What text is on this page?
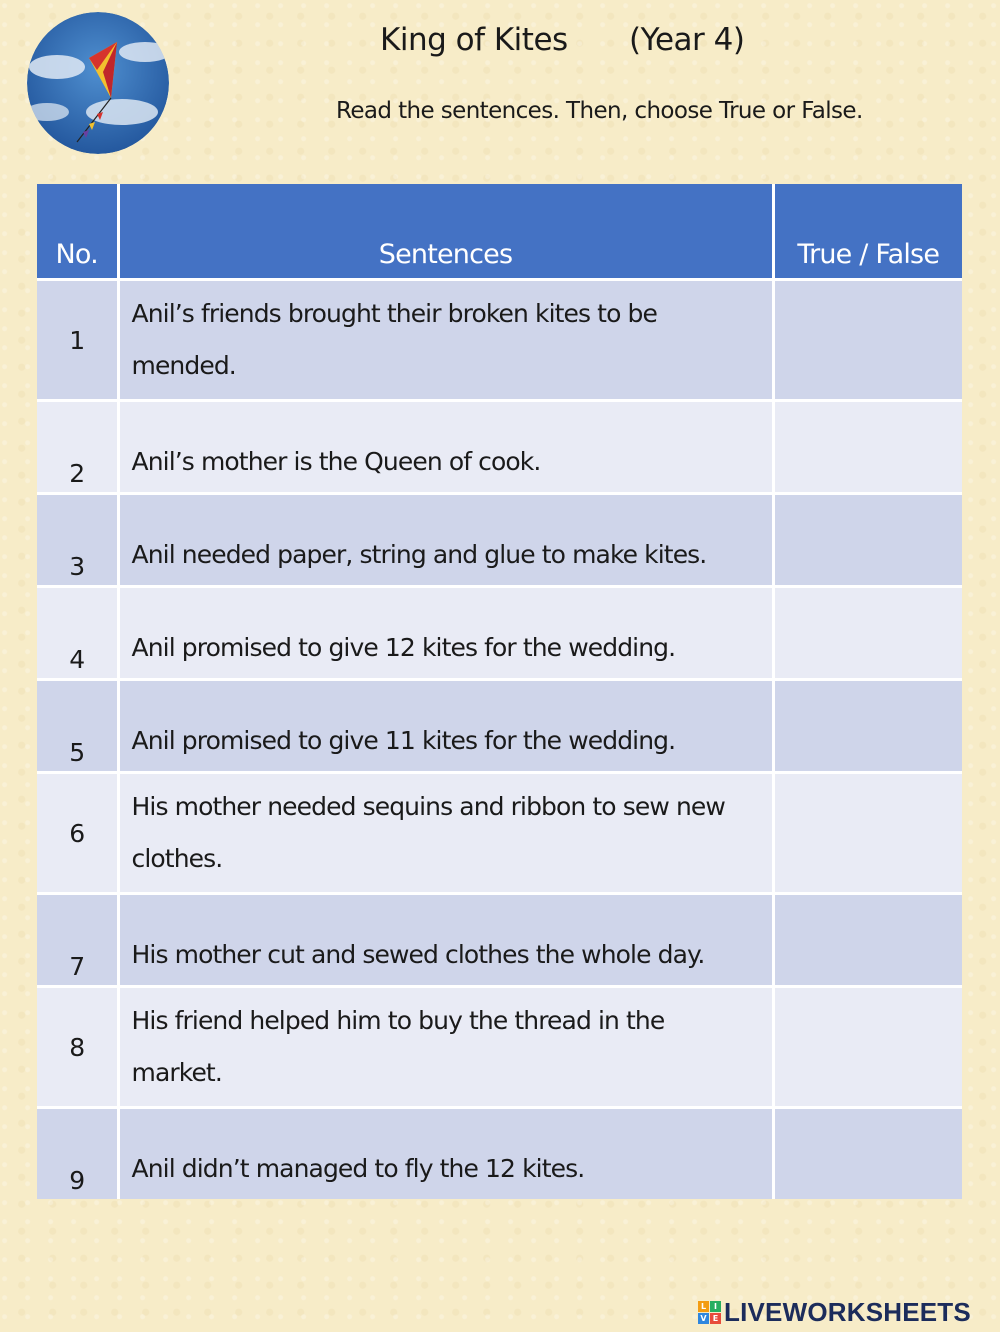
King of Kites (Year 4)
Read the sentences. Then, choose True or False.
No.	Sentences	True / False
1	Anil’s friends brought their broken kites to be mended.	
2	Anil’s mother is the Queen of cook.	
3	Anil needed paper, string and glue to make kites.	
4	Anil promised to give 12 kites for the wedding.	
5	Anil promised to give 11 kites for the wedding.	
6	His mother needed sequins and ribbon to sew new clothes.	
7	His mother cut and sewed clothes the whole day.	
8	His friend helped him to buy the thread in the market.	
9	Anil didn’t managed to fly the 12 kites.	
L I
V E LIVEWORKSHEETS
